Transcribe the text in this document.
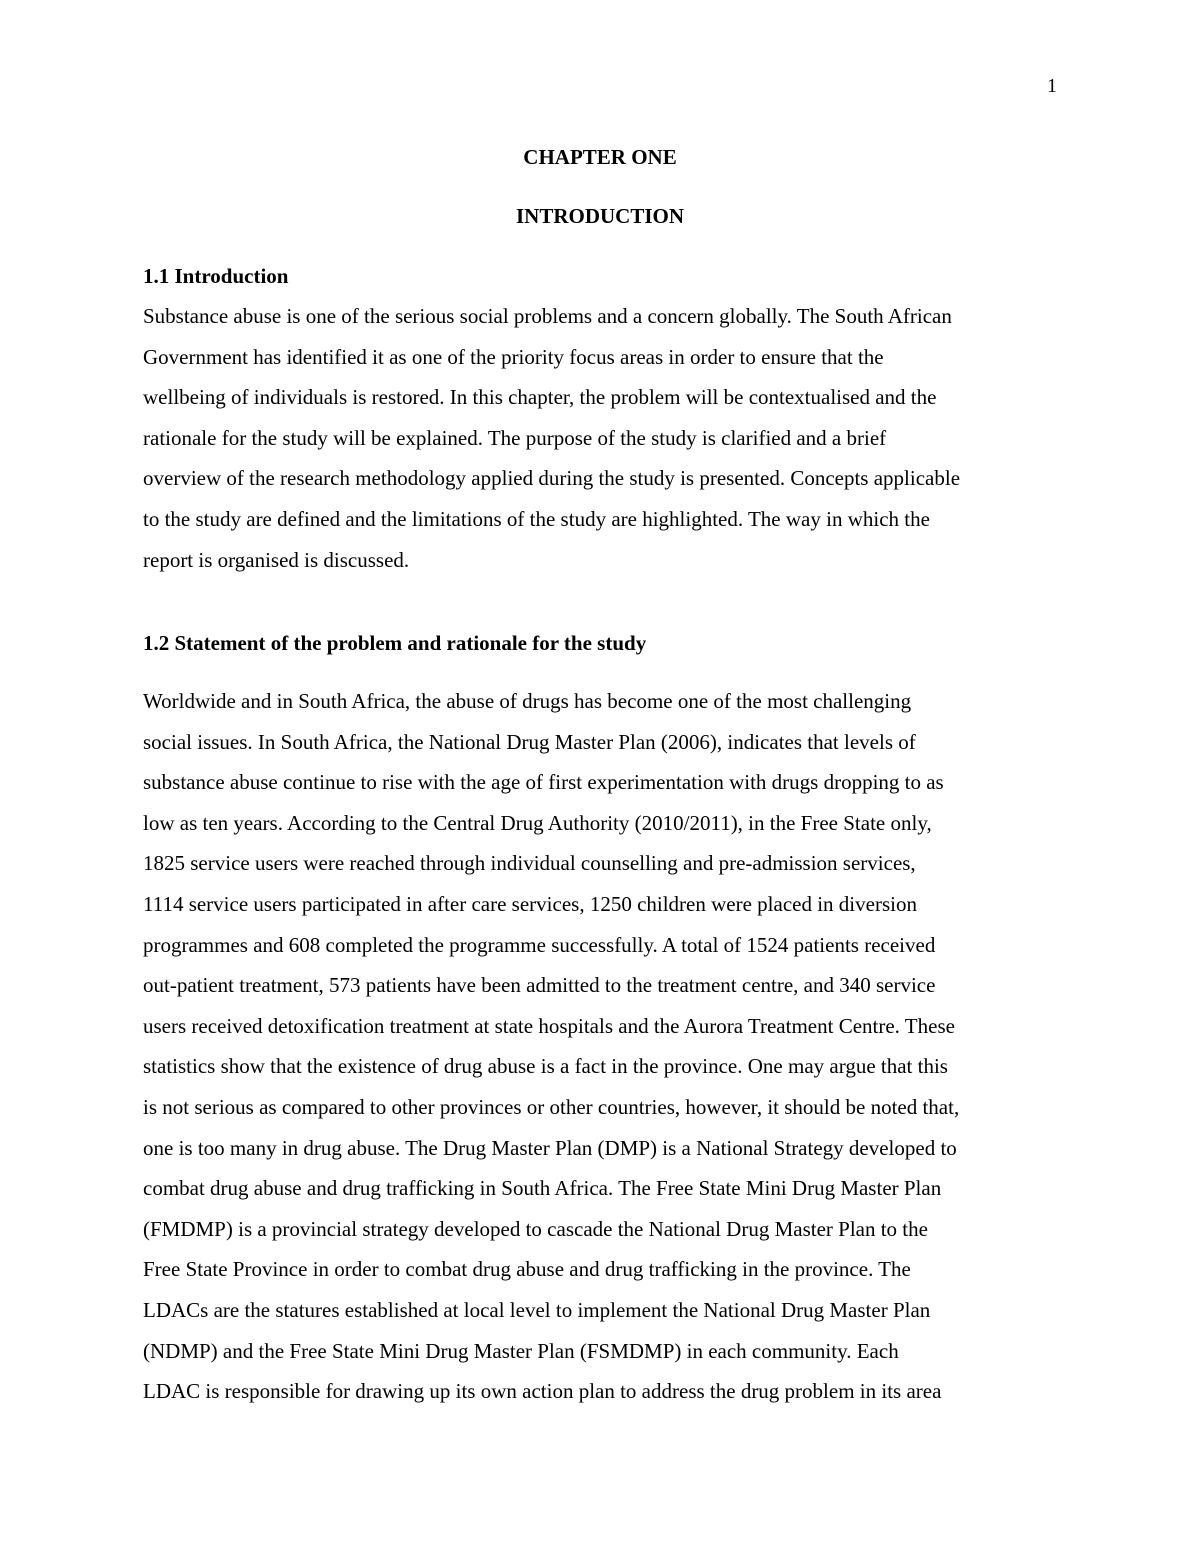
1
CHAPTER ONE
INTRODUCTION
1.1 Introduction
Substance abuse is one of the serious social problems and a concern globally. The South African
Government has identified it as one of the priority focus areas in order to ensure that the
wellbeing of individuals is restored. In this chapter, the problem will be contextualised and the
rationale for the study will be explained. The purpose of the study is clarified and a brief
overview of the research methodology applied during the study is presented. Concepts applicable
to the study are defined and the limitations of the study are highlighted. The way in which the
report is organised is discussed.
1.2 Statement of the problem and rationale for the study
Worldwide and in South Africa, the abuse of drugs has become one of the most challenging
social issues. In South Africa, the National Drug Master Plan (2006), indicates that levels of
substance abuse continue to rise with the age of first experimentation with drugs dropping to as
low as ten years. According to the Central Drug Authority (2010/2011), in the Free State only,
1825 service users were reached through individual counselling and pre-admission services,
1114 service users participated in after care services, 1250 children were placed in diversion
programmes and 608 completed the programme successfully. A total of 1524 patients received
out-patient treatment, 573 patients have been admitted to the treatment centre, and 340 service
users received detoxification treatment at state hospitals and the Aurora Treatment Centre. These
statistics show that the existence of drug abuse is a fact in the province. One may argue that this
is not serious as compared to other provinces or other countries, however, it should be noted that,
one is too many in drug abuse. The Drug Master Plan (DMP) is a National Strategy developed to
combat drug abuse and drug trafficking in South Africa. The Free State Mini Drug Master Plan
(FMDMP) is a provincial strategy developed to cascade the National Drug Master Plan to the
Free State Province in order to combat drug abuse and drug trafficking in the province. The
LDACs are the statures established at local level to implement the National Drug Master Plan
(NDMP) and the Free State Mini Drug Master Plan (FSMDMP) in each community. Each
LDAC is responsible for drawing up its own action plan to address the drug problem in its area
